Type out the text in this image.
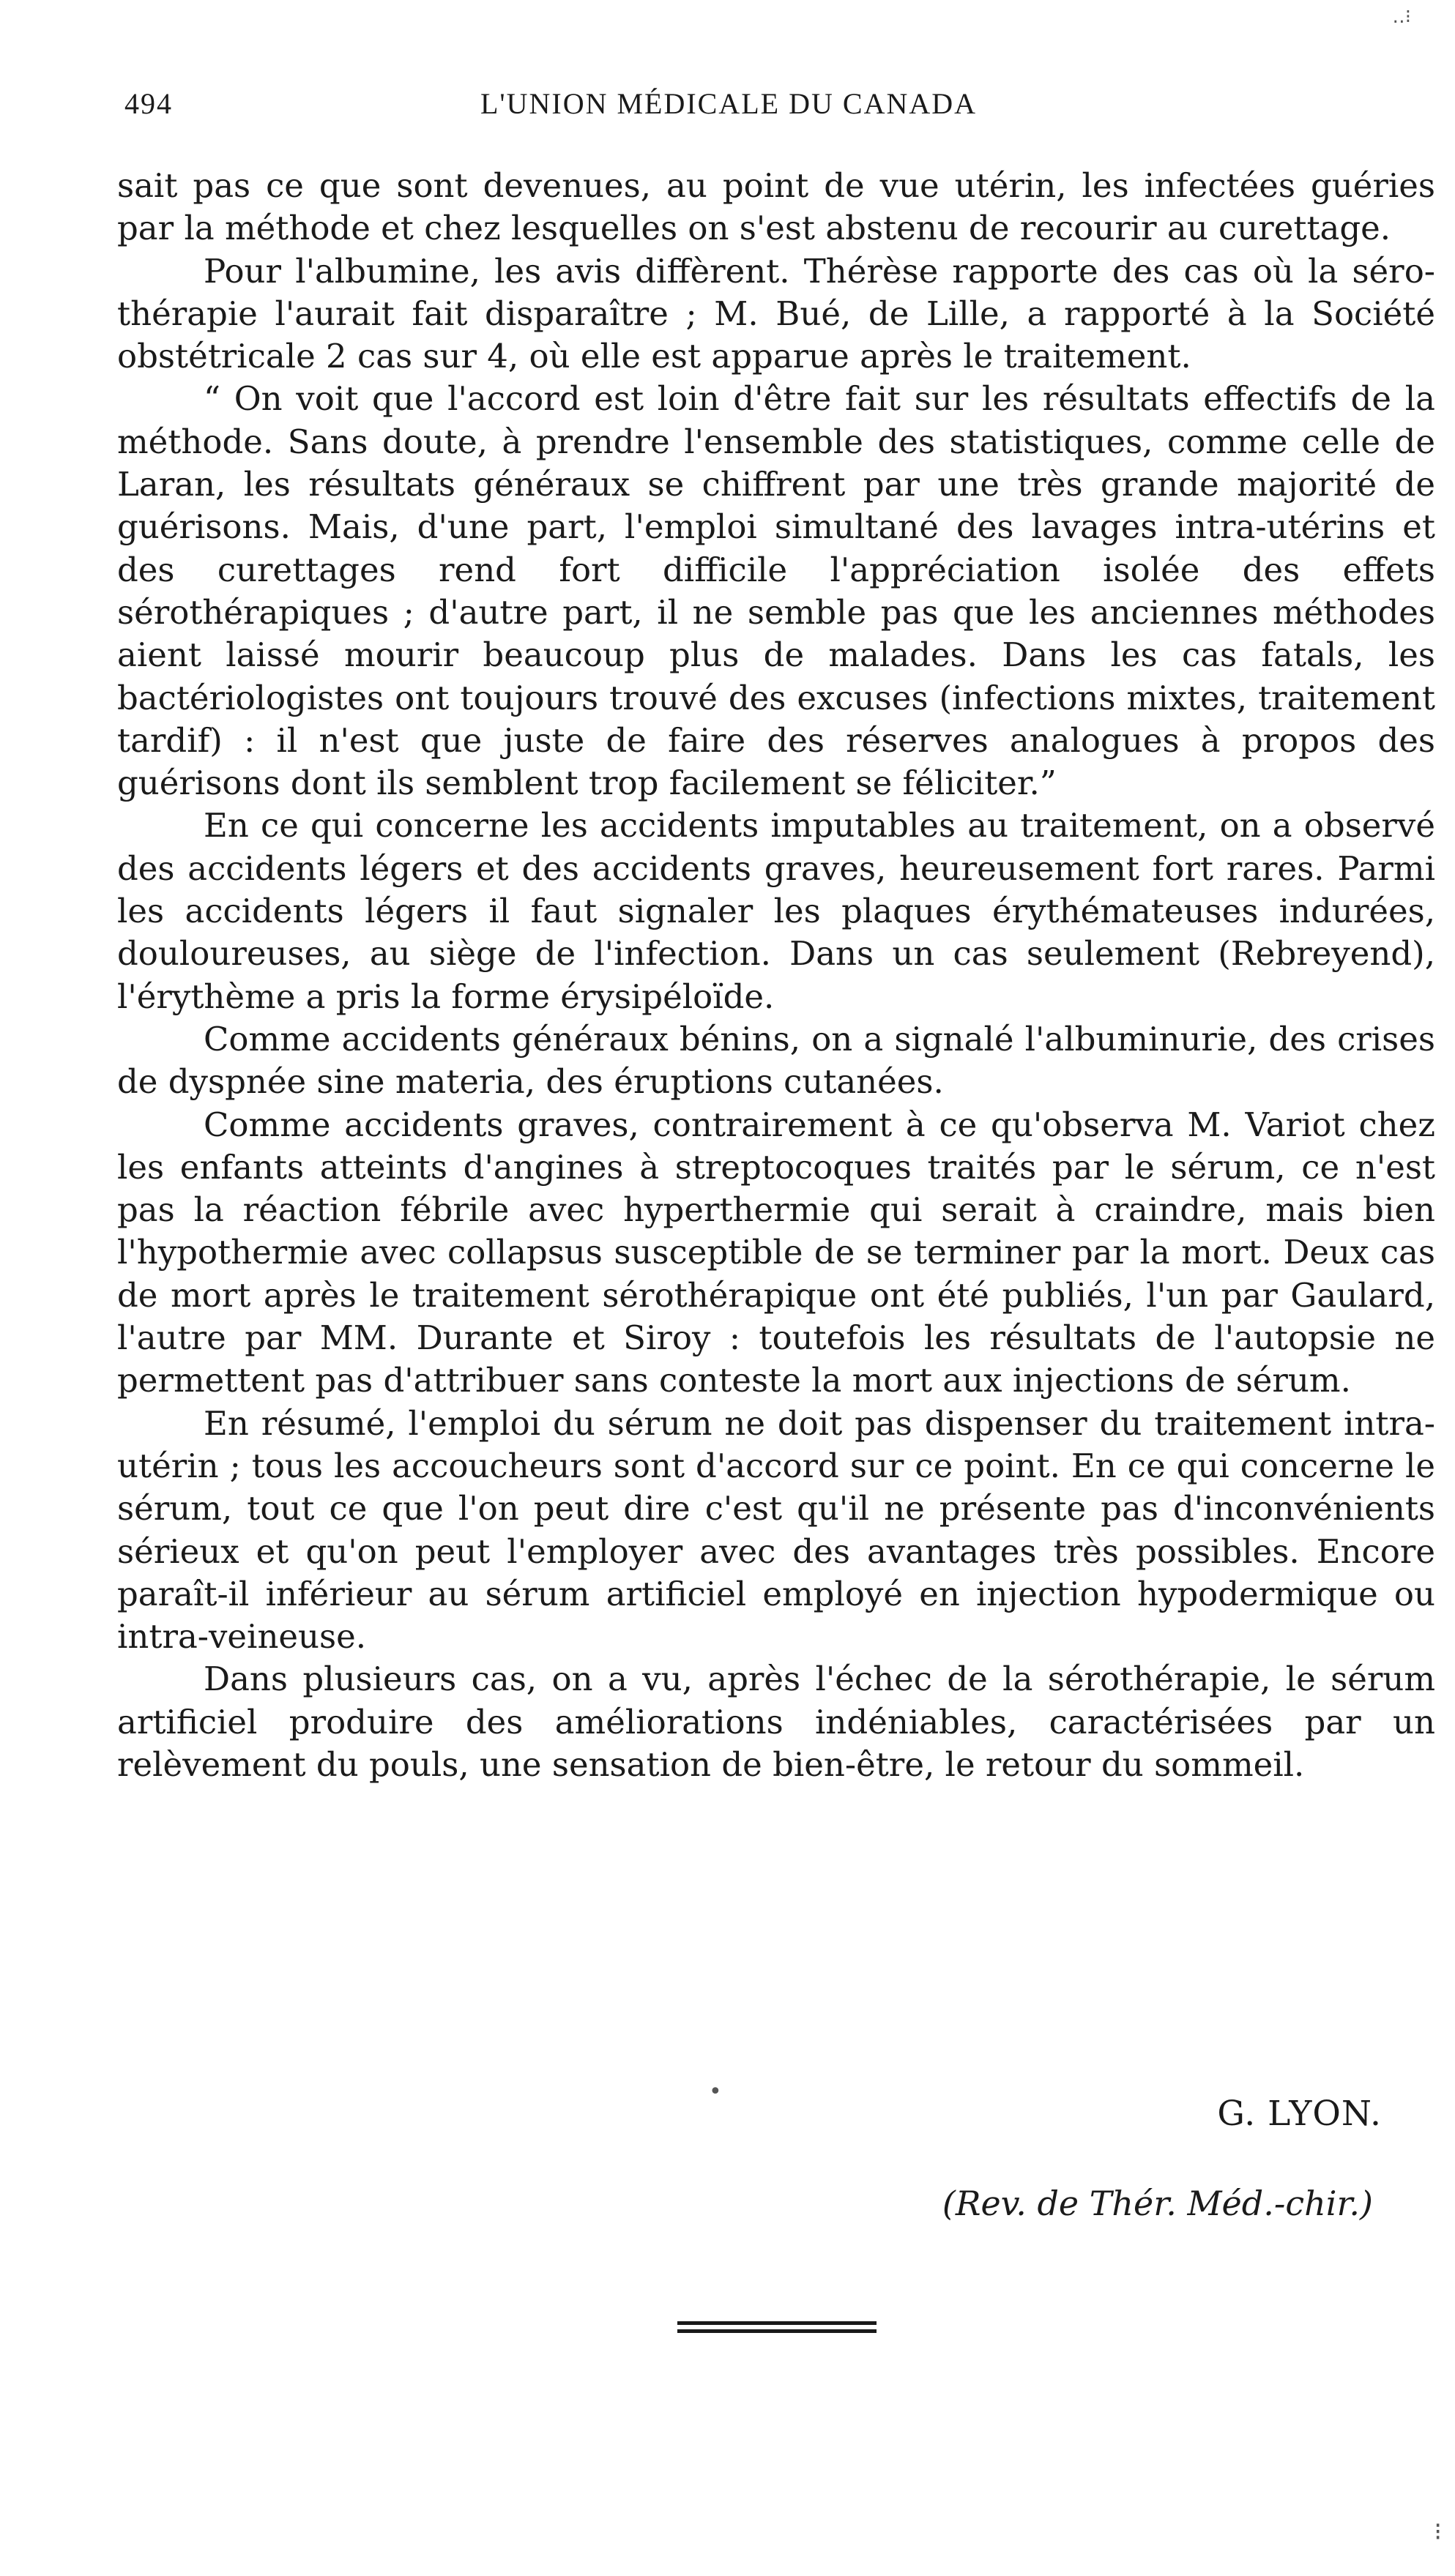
‥⁝
494	L'UNION MÉDICALE DU CANADA

sait pas ce que sont devenues, au point de vue utérin, les infectées guéries par la méthode et chez lesquelles on s'est abstenu de recourir au curettage.

Pour l'albumine, les avis diffèrent. Thérèse rapporte des cas où la séro-thérapie l'aurait fait disparaître ; M. Bué, de Lille, a rapporté à la Société obstétricale 2 cas sur 4, où elle est apparue après le traitement.

“ On voit que l'accord est loin d'être fait sur les résultats effectifs de la méthode. Sans doute, à prendre l'ensemble des statistiques, comme celle de Laran, les résultats généraux se chiffrent par une très grande majorité de guérisons. Mais, d'une part, l'emploi simultané des lavages intra-utérins et des curettages rend fort difficile l'appréciation isolée des effets sérothérapiques ; d'autre part, il ne semble pas que les anciennes méthodes aient laissé mourir beaucoup plus de malades. Dans les cas fatals, les bactériologistes ont toujours trouvé des excuses (infections mixtes, traitement tardif) : il n'est que juste de faire des réserves analogues à propos des guérisons dont ils semblent trop facilement se féliciter.”

En ce qui concerne les accidents imputables au traitement, on a observé des accidents légers et des accidents graves, heureusement fort rares. Parmi les accidents légers il faut signaler les plaques érythémateuses indurées, douloureuses, au siège de l'infection. Dans un cas seulement (Rebreyend), l'érythème a pris la forme érysipéloïde.

Comme accidents généraux bénins, on a signalé l'albuminurie, des crises de dyspnée sine materia, des éruptions cutanées.

Comme accidents graves, contrairement à ce qu'observa M. Variot chez les enfants atteints d'angines à streptocoques traités par le sérum, ce n'est pas la réaction fébrile avec hyperthermie qui serait à craindre, mais bien l'hypothermie avec collapsus susceptible de se terminer par la mort. Deux cas de mort après le traitement sérothérapique ont été publiés, l'un par Gaulard, l'autre par MM. Durante et Siroy : toutefois les résultats de l'autopsie ne permettent pas d'attribuer sans conteste la mort aux injections de sérum.

En résumé, l'emploi du sérum ne doit pas dispenser du traitement intra-utérin ; tous les accoucheurs sont d'accord sur ce point. En ce qui concerne le sérum, tout ce que l'on peut dire c'est qu'il ne présente pas d'inconvénients sérieux et qu'on peut l'employer avec des avantages très possibles. Encore paraît-il inférieur au sérum artificiel employé en injection hypodermique ou intra-veineuse.

Dans plusieurs cas, on a vu, après l'échec de la sérothérapie, le sérum artificiel produire des améliorations indéniables, caractérisées par un relèvement du pouls, une sensation de bien-être, le retour du sommeil.

•
G. LYON.
(Rev. de Thér. Méd.-chir.)
⁝
